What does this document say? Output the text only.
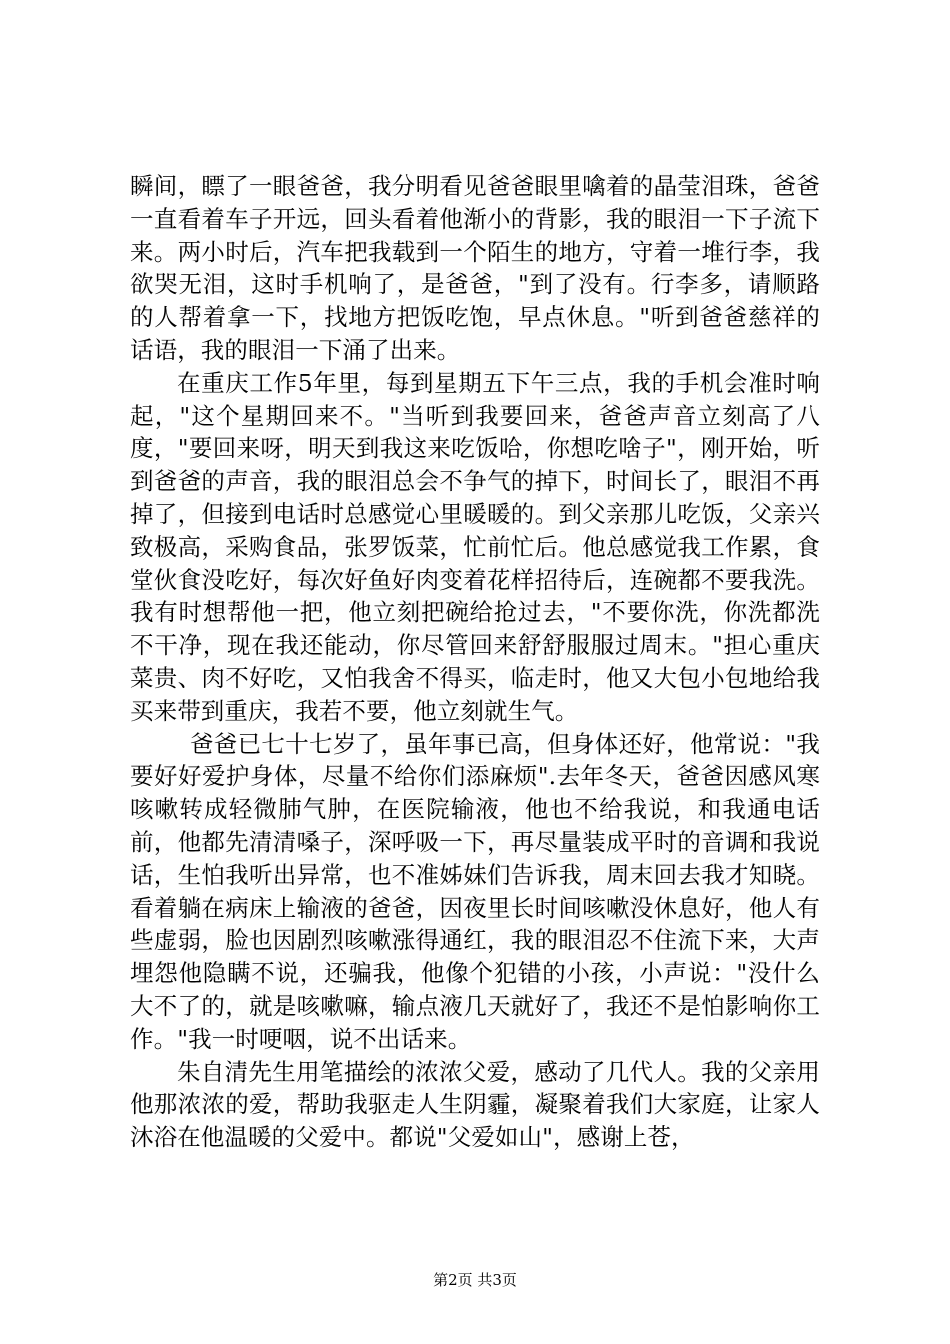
瞬间，瞟了一眼爸爸，我分明看见爸爸眼里噙着的晶莹泪珠，爸爸一直看着车子开远，回头看着他渐小的背影，我的眼泪一下子流下来。两小时后，汽车把我载到一个陌生的地方，守着一堆行李，我欲哭无泪，这时手机响了，是爸爸，"到了没有。行李多，请顺路的人帮着拿一下，找地方把饭吃饱，早点休息。"听到爸爸慈祥的话语，我的眼泪一下涌了出来。

在重庆工作5年里，每到星期五下午三点，我的手机会准时响起，"这个星期回来不。"当听到我要回来，爸爸声音立刻高了八度，"要回来呀，明天到我这来吃饭哈，你想吃啥子"，刚开始，听到爸爸的声音，我的眼泪总会不争气的掉下，时间长了，眼泪不再掉了，但接到电话时总感觉心里暖暖的。到父亲那儿吃饭，父亲兴致极高，采购食品，张罗饭菜，忙前忙后。他总感觉我工作累，食堂伙食没吃好，每次好鱼好肉变着花样招待后，连碗都不要我洗。我有时想帮他一把，他立刻把碗给抢过去，"不要你洗，你洗都洗不干净，现在我还能动，你尽管回来舒舒服服过周末。"担心重庆菜贵、肉不好吃，又怕我舍不得买，临走时，他又大包小包地给我买来带到重庆，我若不要，他立刻就生气。

爸爸已七十七岁了，虽年事已高，但身体还好，他常说："我要好好爱护身体，尽量不给你们添麻烦".去年冬天，爸爸因感风寒咳嗽转成轻微肺气肿，在医院输液，他也不给我说，和我通电话前，他都先清清嗓子，深呼吸一下，再尽量装成平时的音调和我说话，生怕我听出异常，也不准姊妹们告诉我，周末回去我才知晓。看着躺在病床上输液的爸爸，因夜里长时间咳嗽没休息好，他人有些虚弱，脸也因剧烈咳嗽涨得通红，我的眼泪忍不住流下来，大声埋怨他隐瞒不说，还骗我，他像个犯错的小孩，小声说："没什么大不了的，就是咳嗽嘛，输点液几天就好了，我还不是怕影响你工作。"我一时哽咽，说不出话来。

朱自清先生用笔描绘的浓浓父爱，感动了几代人。我的父亲用他那浓浓的爱，帮助我驱走人生阴霾，凝聚着我们大家庭，让家人沐浴在他温暖的父爱中。都说"父爱如山"，感谢上苍，

第2页 共3页
